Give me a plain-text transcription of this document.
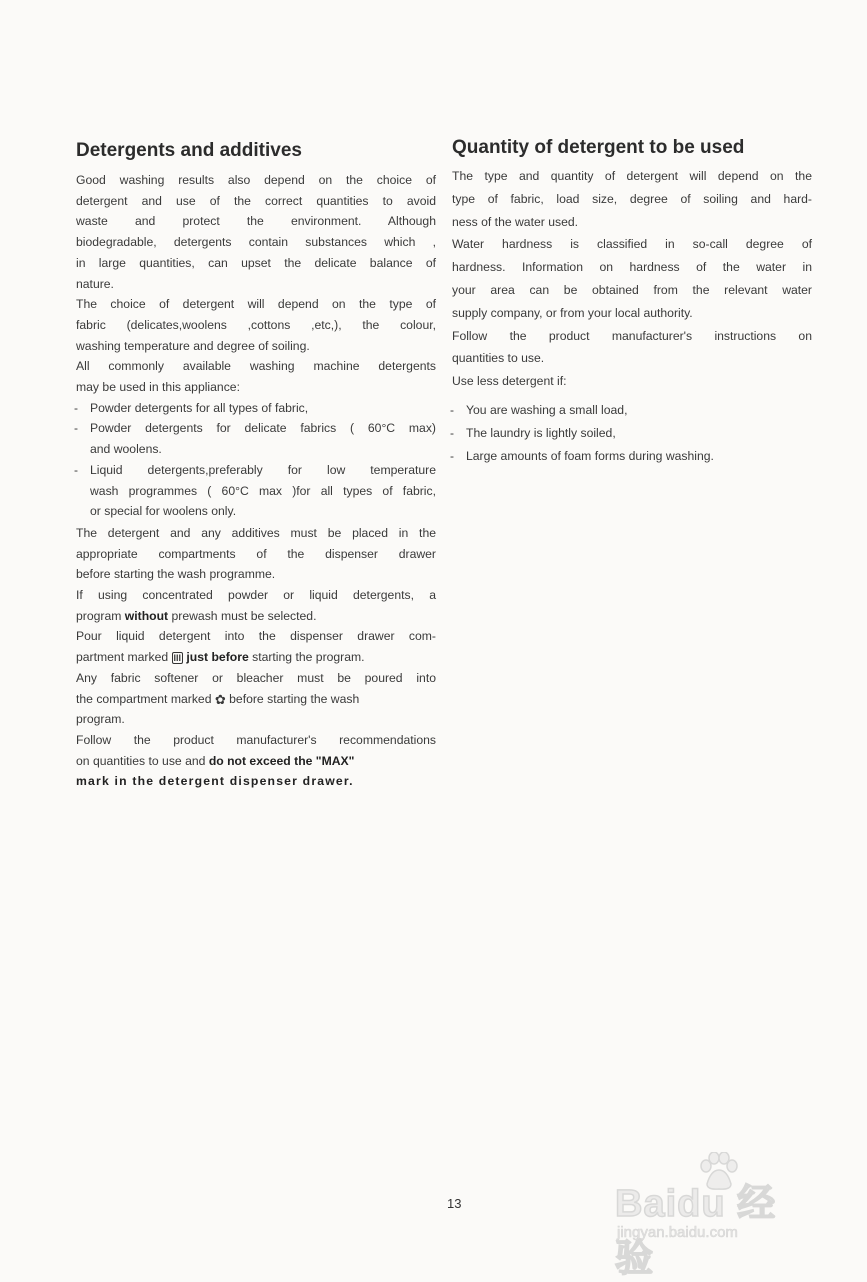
Detergents and additives
Good washing results also depend on the choice of
detergent and use of the correct quantities to avoid
waste and protect the environment. Although
biodegradable, detergents contain substances which ,
in large quantities, can upset the delicate balance of
nature.
The choice of detergent will depend on the type of
fabric (delicates,woolens ,cottons ,etc,), the colour,
washing temperature and degree of soiling.
All commonly available washing machine detergents
may be used in this appliance:
Powder detergents for all types of fabric,
-
Powder detergents for delicate fabrics ( 60°C max)
-
and woolens.
Liquid detergents,preferably for low temperature
-
wash programmes ( 60°C max )for all types of fabric,
or special for woolens only.
The detergent and any additives must be placed in the
appropriate compartments of the dispenser drawer
before starting the wash programme.
If using concentrated powder or liquid detergents, a
program without prewash must be selected.
Pour liquid detergent into the dispenser drawer com-
partment marked III just before starting the program.
Any fabric softener or bleacher must be poured into
the compartment marked ✿ before starting the wash
program.
Follow the product manufacturer's recommendations
on quantities to use and do not exceed the "MAX"
mark in the detergent dispenser drawer.
Quantity of detergent to be used
The type and quantity of detergent will depend on the
type of fabric, load size, degree of soiling and hard-
ness of the water used.
Water hardness is classified in so-call degree of
hardness. Information on hardness of the water in
your area can be obtained from the relevant water
supply company, or from your local authority.
Follow the product manufacturer's instructions on
quantities to use.
Use less detergent if:
You are washing a small load,
-
The laundry is lightly soiled,
-
Large amounts of foam forms during washing.
-
13	Baidu 经验
jingyan.baidu.com
